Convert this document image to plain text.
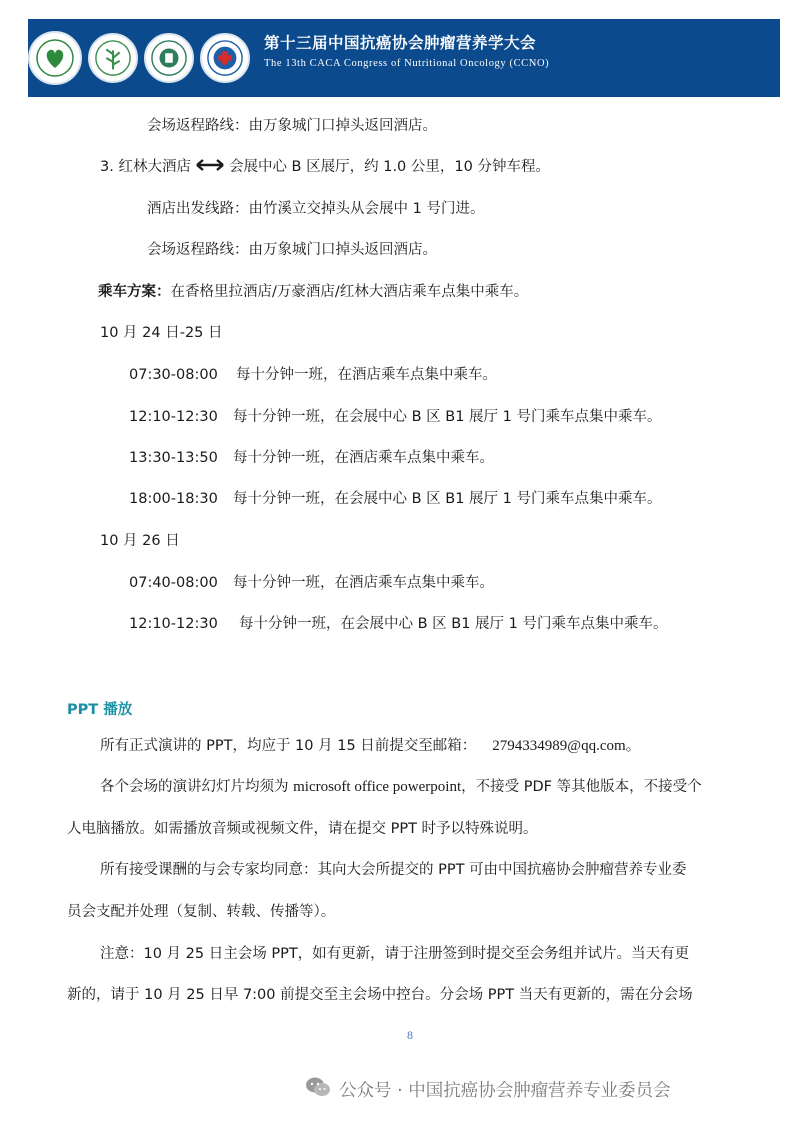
第十三届中国抗癌协会肿瘤营养学大会
The 13th CACA Congress of Nutritional Oncology (CCNO)
会场返程路线：由万象城门口掉头返回酒店。
3. 红林大酒店	会展中心 B 区展厅，约 1.0 公里，10 分钟车程。
酒店出发线路：由竹溪立交掉头从会展中 1 号门进。
会场返程路线：由万象城门口掉头返回酒店。
乘车方案：在香格里拉酒店/万豪酒店/红林大酒店乘车点集中乘车。
10 月 24 日-25 日
07:30-08:00 每十分钟一班，在酒店乘车点集中乘车。
12:10-12:30 每十分钟一班，在会展中心 B 区 B1 展厅 1 号门乘车点集中乘车。
13:30-13:50 每十分钟一班，在酒店乘车点集中乘车。
18:00-18:30 每十分钟一班，在会展中心 B 区 B1 展厅 1 号门乘车点集中乘车。
10 月 26 日
07:40-08:00 每十分钟一班，在酒店乘车点集中乘车。
12:10-12:30 每十分钟一班，在会展中心 B 区 B1 展厅 1 号门乘车点集中乘车。
PPT 播放
所有正式演讲的 PPT，均应于 10 月 15 日前提交至邮箱： 2794334989@qq.com。
各个会场的演讲幻灯片均须为 microsoft office powerpoint，不接受 PDF 等其他版本，不接受个
人电脑播放。如需播放音频或视频文件，请在提交 PPT 时予以特殊说明。
所有接受课酬的与会专家均同意：其向大会所提交的 PPT 可由中国抗癌协会肿瘤营养专业委
员会支配并处理（复制、转载、传播等）。
注意：10 月 25 日主会场 PPT，如有更新，请于注册签到时提交至会务组并试片。当天有更
新的，请于 10 月 25 日早 7:00 前提交至主会场中控台。分会场 PPT 当天有更新的，需在分会场
8
公众号 · 中国抗癌协会肿瘤营养专业委员会
